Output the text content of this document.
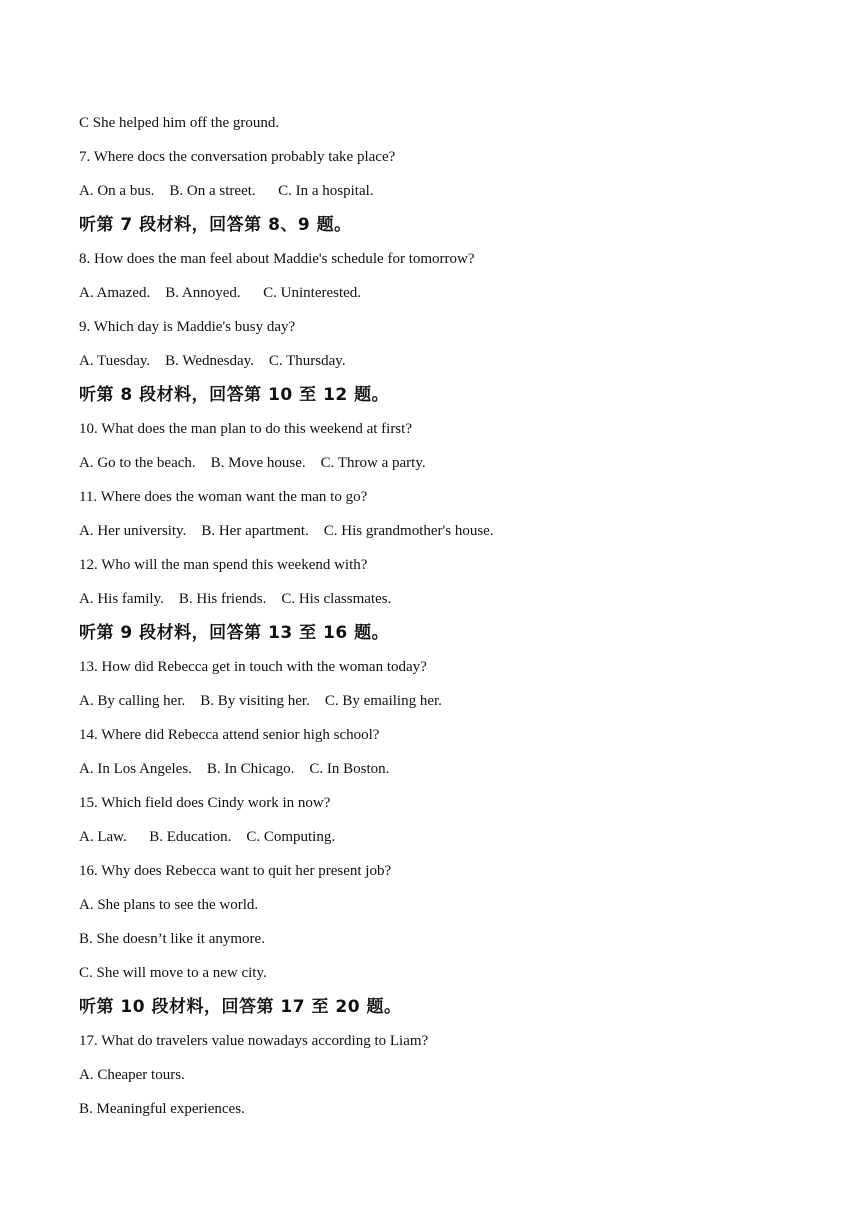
C She helped him off the ground.
7. Where docs the conversation probably take place?
A. On a bus.    B. On a street.      C. In a hospital.
听第 7 段材料，回答第 8、9 题。
8. How does the man feel about Maddie's schedule for tomorrow?
A. Amazed.    B. Annoyed.      C. Uninterested.
9. Which day is Maddie's busy day?
A. Tuesday.    B. Wednesday.    C. Thursday.
听第 8 段材料，回答第 10 至 12 题。
10. What does the man plan to do this weekend at first?
A. Go to the beach.    B. Move house.    C. Throw a party.
11. Where does the woman want the man to go?
A. Her university.    B. Her apartment.    C. His grandmother's house.
12. Who will the man spend this weekend with?
A. His family.    B. His friends.    C. His classmates.
听第 9 段材料，回答第 13 至 16 题。
13. How did Rebecca get in touch with the woman today?
A. By calling her.    B. By visiting her.    C. By emailing her.
14. Where did Rebecca attend senior high school?
A. In Los Angeles.    B. In Chicago.    C. In Boston.
15. Which field does Cindy work in now?
A. Law.      B. Education.    C. Computing.
16. Why does Rebecca want to quit her present job?
A. She plans to see the world.
B. She doesn’t like it anymore.
C. She will move to a new city.
听第 10 段材料，回答第 17 至 20 题。
17. What do travelers value nowadays according to Liam?
A. Cheaper tours.
B. Meaningful experiences.
